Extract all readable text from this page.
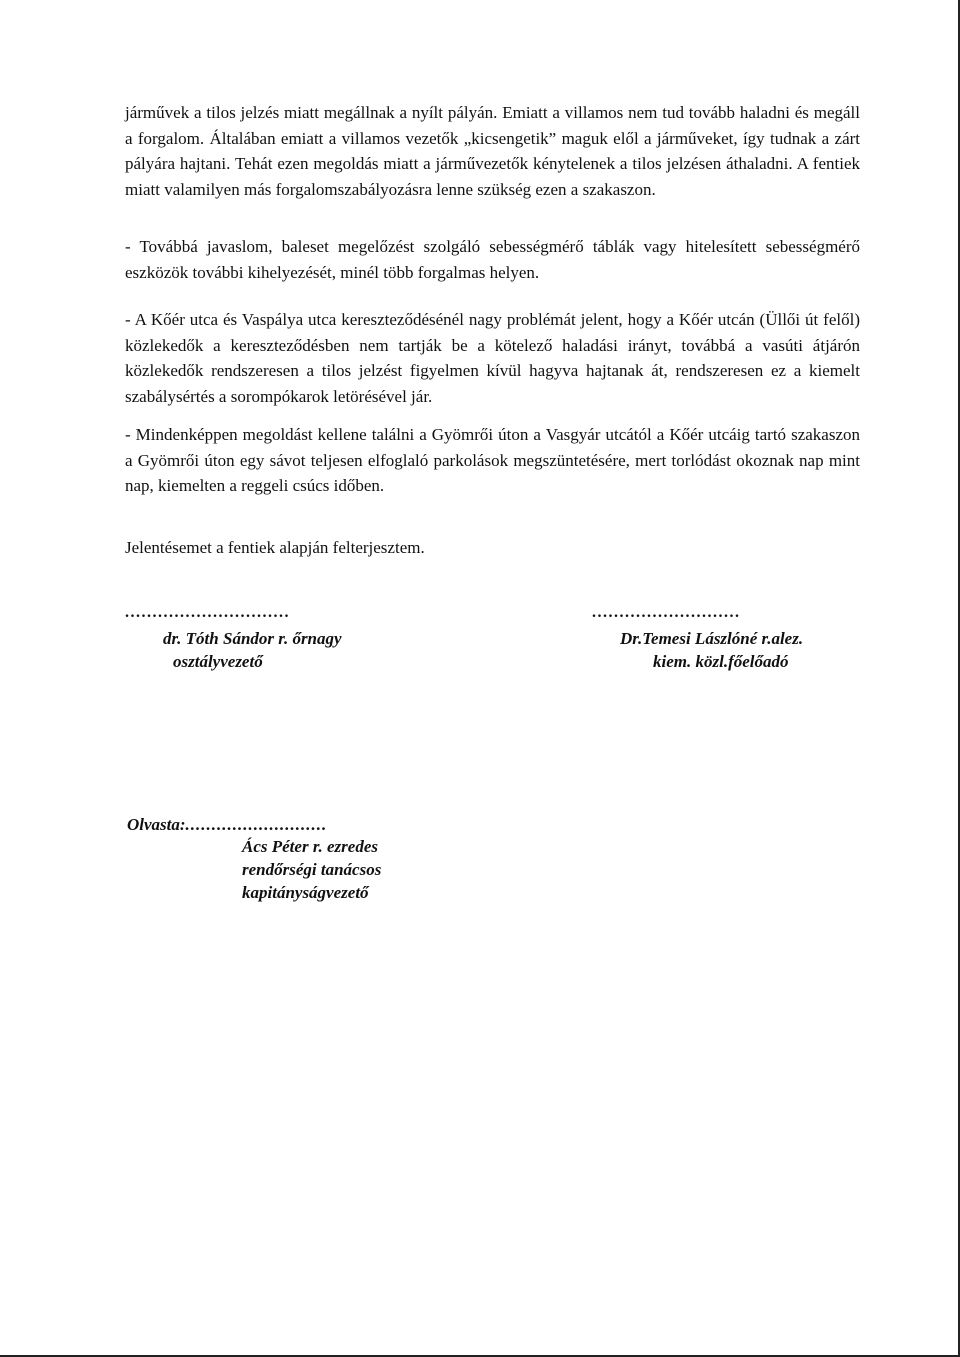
járművek a tilos jelzés miatt megállnak a nyílt pályán. Emiatt a villamos nem tud tovább haladni és megáll a forgalom. Általában emiatt a villamos vezetők „kicsengetik” maguk elől a járműveket, így tudnak a zárt pályára hajtani. Tehát ezen megoldás miatt a járművezetők kénytelenek a tilos jelzésen áthaladni. A fentiek miatt valamilyen más forgalomszabályozásra lenne szükség ezen a szakaszon.

- Továbbá javaslom, baleset megelőzést szolgáló sebességmérő táblák vagy hitelesített sebességmérő eszközök további kihelyezését, minél több forgalmas helyen.

- A Kőér utca és Vaspálya utca kereszteződésénél nagy problémát jelent, hogy a Kőér utcán (Üllői út felől) közlekedők a kereszteződésben nem tartják be a kötelező haladási irányt, továbbá a vasúti átjárón közlekedők rendszeresen a tilos jelzést figyelmen kívül hagyva hajtanak át, rendszeresen ez a kiemelt szabálysértés a sorompókarok letörésével jár.

- Mindenképpen megoldást kellene találni a Gyömrői úton a Vasgyár utcától a Kőér utcáig tartó szakaszon a Gyömrői úton egy sávot teljesen elfoglaló parkolások megszüntetésére, mert torlódást okoznak nap mint nap, kiemelten a reggeli csúcs időben.

Jelentésemet a fentiek alapján felterjesztem.

..............................
dr. Tóth Sándor r. őrnagy
osztályvezető
...........................
Dr.Temesi Lászlóné r.alez.
kiem. közl.főelőadó
Olvasta:...........................
Ács Péter r. ezredes
rendőrségi tanácsos
kapitányságvezető
